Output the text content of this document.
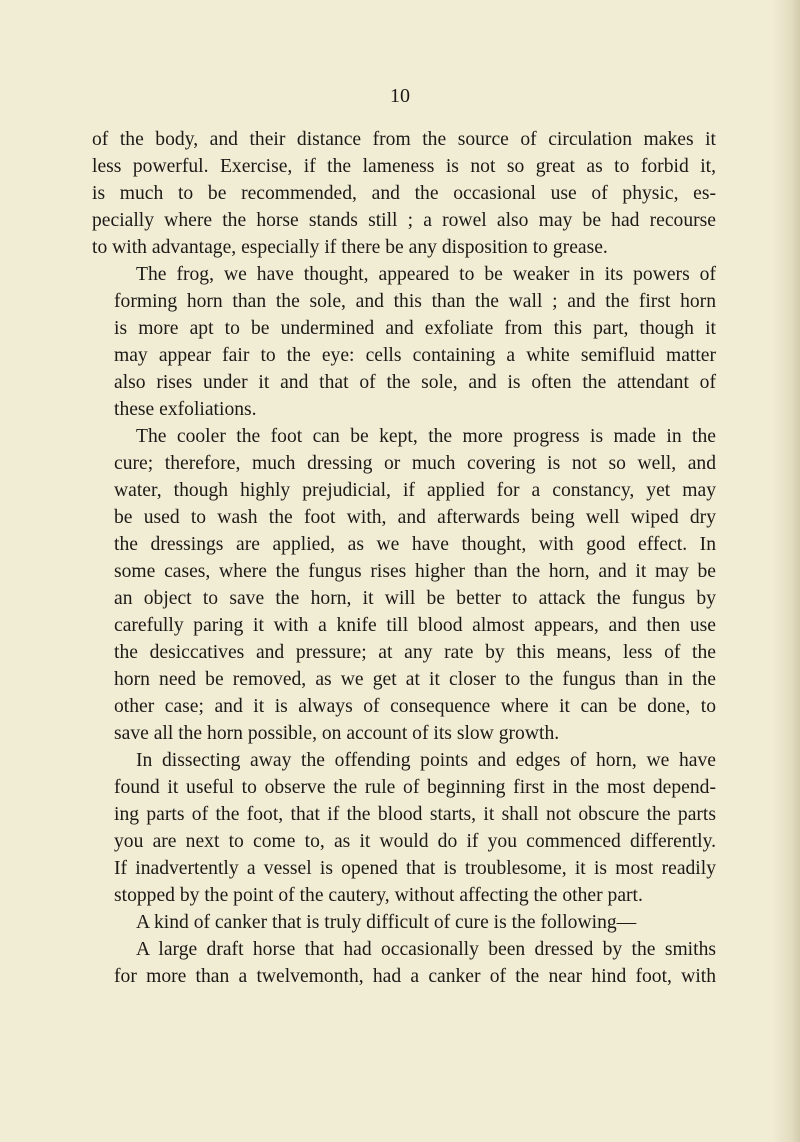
10

of the body, and their distance from the source of circulation makes it
less powerful. Exercise, if the lameness is not so great as to forbid it,
is much to be recommended, and the occasional use of physic, es-
pecially where the horse stands still ; a rowel also may be had recourse
to with advantage, especially if there be any disposition to grease.

The frog, we have thought, appeared to be weaker in its powers of
forming horn than the sole, and this than the wall ; and the first horn
is more apt to be undermined and exfoliate from this part, though it
may appear fair to the eye: cells containing a white semifluid matter
also rises under it and that of the sole, and is often the attendant of
these exfoliations.

The cooler the foot can be kept, the more progress is made in the
cure; therefore, much dressing or much covering is not so well, and
water, though highly prejudicial, if applied for a constancy, yet may
be used to wash the foot with, and afterwards being well wiped dry
the dressings are applied, as we have thought, with good effect. In
some cases, where the fungus rises higher than the horn, and it may be
an object to save the horn, it will be better to attack the fungus by
carefully paring it with a knife till blood almost appears, and then use
the desiccatives and pressure; at any rate by this means, less of the
horn need be removed, as we get at it closer to the fungus than in the
other case; and it is always of consequence where it can be done, to
save all the horn possible, on account of its slow growth.

In dissecting away the offending points and edges of horn, we have
found it useful to observe the rule of beginning first in the most depend-
ing parts of the foot, that if the blood starts, it shall not obscure the parts
you are next to come to, as it would do if you commenced differently.
If inadvertently a vessel is opened that is troublesome, it is most readily
stopped by the point of the cautery, without affecting the other part.

A kind of canker that is truly difficult of cure is the following—

A large draft horse that had occasionally been dressed by the smiths
for more than a twelvemonth, had a canker of the near hind foot, with
